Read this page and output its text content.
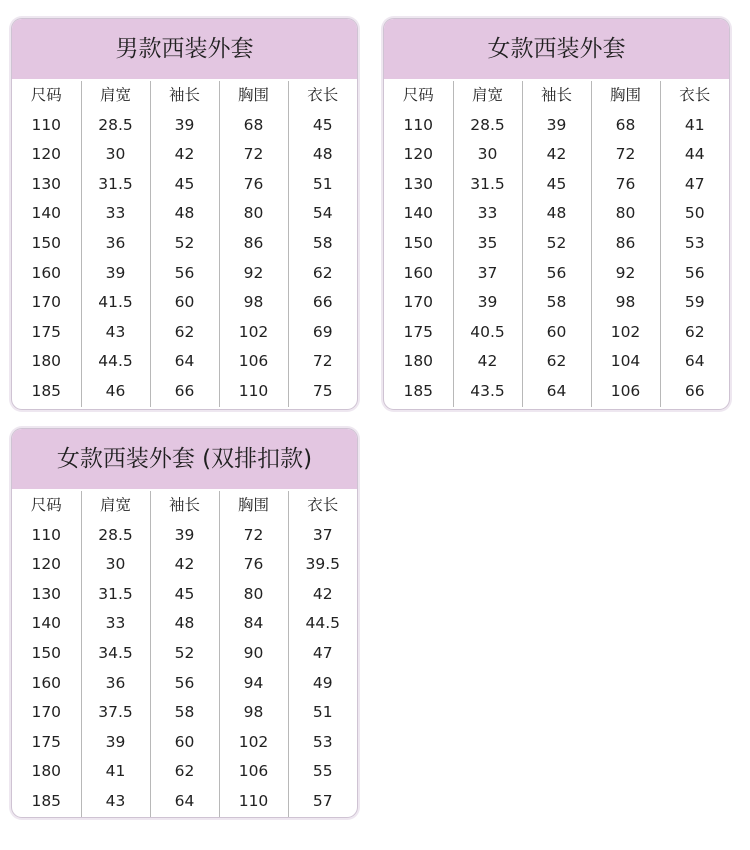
男款西装外套
尺码	肩宽	袖长	胸围	衣长
110	28.5	39	68	45
120	30	42	72	48
130	31.5	45	76	51
140	33	48	80	54
150	36	52	86	58
160	39	56	92	62
170	41.5	60	98	66
175	43	62	102	69
180	44.5	64	106	72
185	46	66	110	75
女款西装外套
尺码	肩宽	袖长	胸围	衣长
110	28.5	39	68	41
120	30	42	72	44
130	31.5	45	76	47
140	33	48	80	50
150	35	52	86	53
160	37	56	92	56
170	39	58	98	59
175	40.5	60	102	62
180	42	62	104	64
185	43.5	64	106	66
女款西装外套 (双排扣款)
尺码	肩宽	袖长	胸围	衣长
110	28.5	39	72	37
120	30	42	76	39.5
130	31.5	45	80	42
140	33	48	84	44.5
150	34.5	52	90	47
160	36	56	94	49
170	37.5	58	98	51
175	39	60	102	53
180	41	62	106	55
185	43	64	110	57
